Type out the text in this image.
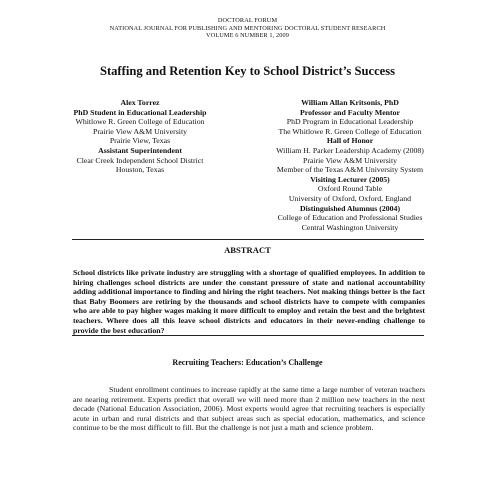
DOCTORAL FORUM
NATIONAL JOURNAL FOR PUBLISHING AND MENTORING DOCTORAL STUDENT RESEARCH
VOLUME 6 NUMBER 1, 2009
Staffing and Retention Key to School District’s Success
Alex Torrez
PhD Student in Educational Leadership
Whitlowe R. Green College of Education
Prairie View A&M University
Prairie View, Texas
Assistant Superintendent
Clear Creek Independent School District
Houston, Texas
William Allan Kritsonis, PhD
Professor and Faculty Mentor
PhD Program in Educational Leadership
The Whitlowe R. Green College of Education
Hall of Honor
William H. Parker Leadership Academy (2008)
Prairie View A&M University
Member of the Texas A&M University System
Visiting Lecturer (2005)
Oxford Round Table
University of Oxford, Oxford, England
Distinguished Alumnus (2004)
College of Education and Professional Studies
Central Washington University
ABSTRACT
School districts like private industry are struggling with a shortage of qualified employees. In addition to hiring challenges school districts are under the constant pressure of state and national accountability adding additional importance to finding and hiring the right teachers. Not making things better is the fact that Baby Boomers are retiring by the thousands and school districts have to compete with companies who are able to pay higher wages making it more difficult to employ and retain the best and the brightest teachers. Where does all this leave school districts and educators in their never-ending challenge to provide the best education?
Recruiting Teachers: Education’s Challenge
Student enrollment continues to increase rapidly at the same time a large number of veteran teachers are nearing retirement. Experts predict that overall we will need more than 2 million new teachers in the next decade (National Education Association, 2006). Most experts would agree that recruiting teachers is especially acute in urban and rural districts and that subject areas such as special education, mathematics, and science continue to be the most difficult to fill. But the challenge is not just a math and science problem.
